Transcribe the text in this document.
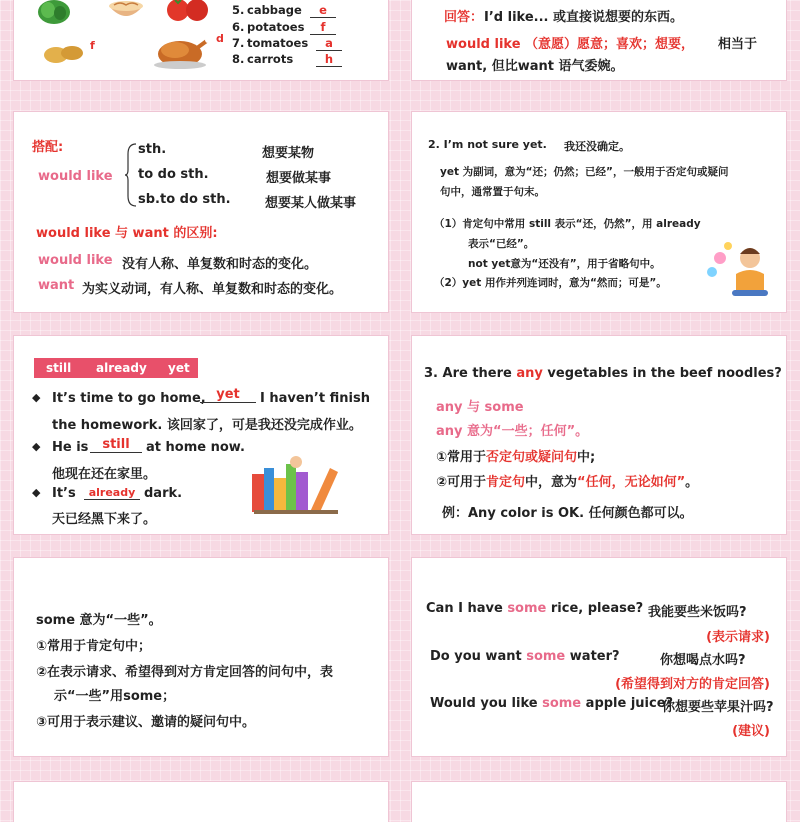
f
d
5. cabbage	e
6. potatoes	f
7. tomatoes	a
8. carrots	h
回答： I’d like... 或直接说想要的东西。
would like （意愿）愿意；喜欢；想要， 相当于
want, 但比want 语气委婉。
搭配:
would like
sth.	想要某物
to do sth.	想要做某事
sb.to do sth.	想要某人做某事
would like 与 want 的区别:
would like 没有人称、单复数和时态的变化。
want 为实义动词，有人称、单复数和时态的变化。
2. I’m not sure yet. 我还没确定。
yet 为副词，意为“还；仍然；已经”，一般用于否定句或疑问
句中，通常置于句末。
（1）肯定句中常用 still 表示“还，仍然”，用 already
表示“已经”。
not yet意为“还没有”，用于省略句中。
（2）yet 用作并列连词时，意为“然而；可是”。
still already yet
◆ It’s time to go home, yet	I haven’t finish
the homework. 该回家了，可是我还没完成作业。
◆ He is	still	at home now.
他现在还在家里。
◆ It’s	already dark.
天已经黑下来了。
3. Are there any vegetables in the beef noodles?
any 与 some
any 意为“一些；任何”。
①常用于否定句或疑问句中;
②可用于肯定句中，意为“任何，无论如何”。
例：Any color is OK. 任何颜色都可以。
some 意为“一些”。
①常用于肯定句中；
②在表示请求、希望得到对方肯定回答的问句中，表
示“一些”用some；
③可用于表示建议、邀请的疑问句中。
Can I have some rice, please? 我能要些米饭吗?
(表示请求)
Do you want some water?	你想喝点水吗?
(希望得到对方的肯定回答)
Would you like some apple juice?
你想要些苹果汁吗?
(建议)
